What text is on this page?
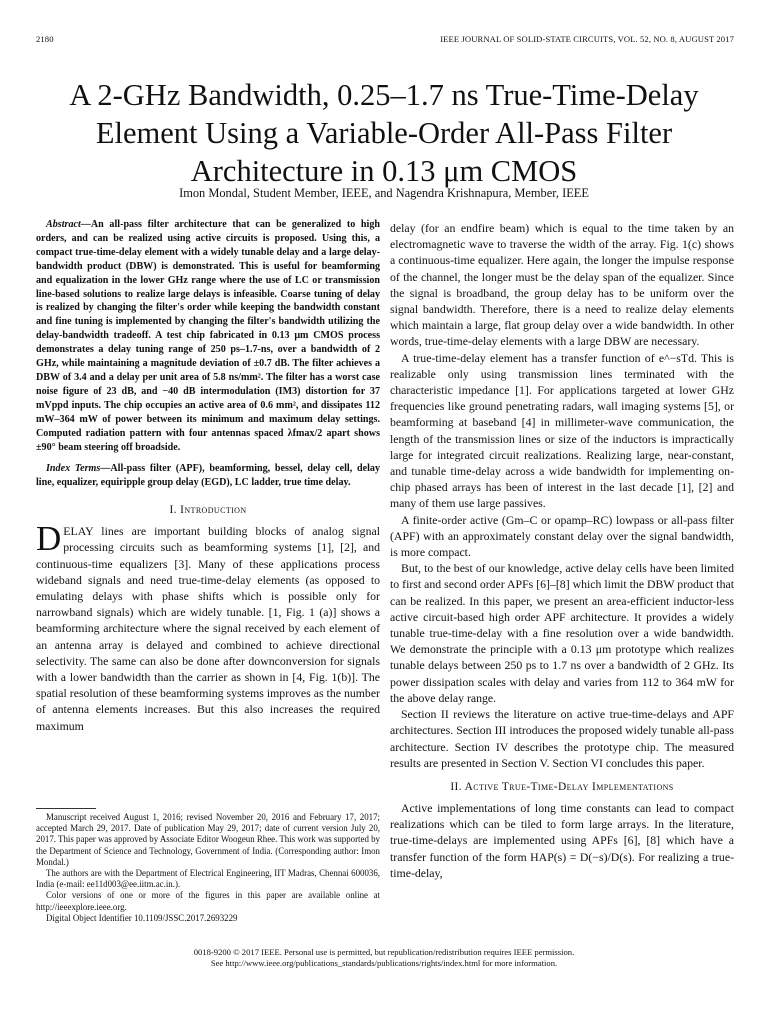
2180	IEEE JOURNAL OF SOLID-STATE CIRCUITS, VOL. 52, NO. 8, AUGUST 2017
A 2-GHz Bandwidth, 0.25–1.7 ns True-Time-Delay
Element Using a Variable-Order All-Pass Filter
Architecture in 0.13 μm CMOS
Imon Mondal, Student Member, IEEE, and Nagendra Krishnapura, Member, IEEE

Abstract—An all-pass filter architecture that can be generalized to high orders, and can be realized using active circuits is proposed. Using this, a compact true-time-delay element with a widely tunable delay and a large delay-bandwidth product (DBW) is demonstrated. This is useful for beamforming and equalization in the lower GHz range where the use of LC or transmission line-based solutions to realize large delays is infeasible. Coarse tuning of delay is realized by changing the filter's order while keeping the bandwidth constant and fine tuning is implemented by changing the filter's bandwidth utilizing the delay-bandwidth tradeoff. A test chip fabricated in 0.13 μm CMOS process demonstrates a delay tuning range of 250 ps–1.7-ns, over a bandwidth of 2 GHz, while maintaining a magnitude deviation of ±0.7 dB. The filter achieves a DBW of 3.4 and a delay per unit area of 5.8 ns/mm². The filter has a worst case noise figure of 23 dB, and −40 dB intermodulation (IM3) distortion for 37 mVppd inputs. The chip occupies an active area of 0.6 mm², and dissipates 112 mW–364 mW of power between its minimum and maximum delay settings. Computed radiation pattern with four antennas spaced λfmax/2 apart shows ±90° beam steering off broadside.

Index Terms—All-pass filter (APF), beamforming, bessel, delay cell, delay line, equalizer, equiripple group delay (EGD), LC ladder, true time delay.

I. Introduction

DELAY lines are important building blocks of analog signal processing circuits such as beamforming systems [1], [2], and continuous-time equalizers [3]. Many of these applications process wideband signals and need true-time-delay elements (as opposed to emulating delays with phase shifts which is possible only for narrowband signals) which are widely tunable. [1, Fig. 1 (a)] shows a beamforming architecture where the signal received by each element of an antenna array is delayed and combined to achieve directional selectivity. The same can also be done after downconversion for signals with a lower bandwidth than the carrier as shown in [4, Fig. 1(b)]. The spatial resolution of these beamforming systems improves as the number of antenna elements increases. But this also increases the required maximum

Manuscript received August 1, 2016; revised November 20, 2016 and February 17, 2017; accepted March 29, 2017. Date of publication May 29, 2017; date of current version July 20, 2017. This paper was approved by Associate Editor Woogeun Rhee. This work was supported by the Department of Science and Technology, Government of India. (Corresponding author: Imon Mondal.)

The authors are with the Department of Electrical Engineering, IIT Madras, Chennai 600036, India (e-mail: ee11d003@ee.iitm.ac.in.).

Color versions of one or more of the figures in this paper are available online at http://ieeexplore.ieee.org.

Digital Object Identifier 10.1109/JSSC.2017.2693229

delay (for an endfire beam) which is equal to the time taken by an electromagnetic wave to traverse the width of the array. Fig. 1(c) shows a continuous-time equalizer. Here again, the longer the impulse response of the channel, the longer must be the delay span of the equalizer. Since the signal is broadband, the group delay has to be uniform over the signal bandwidth. Therefore, there is a need to realize delay elements which maintain a large, flat group delay over a wide bandwidth. In other words, true-time-delay elements with a large DBW are necessary.

A true-time-delay element has a transfer function of e^−sTd. This is realizable only using transmission lines terminated with the characteristic impedance [1]. For applications targeted at lower GHz frequencies like ground penetrating radars, wall imaging systems [5], or beamforming at baseband [4] in millimeter-wave communication, the length of the transmission lines or size of the inductors is impractically large for integrated circuit realizations. Realizing large, near-constant, and tunable time-delay across a wide bandwidth for implementing on-chip phased arrays has been of interest in the last decade [1], [2] and many of them use large passives.

A finite-order active (Gm–C or opamp–RC) lowpass or all-pass filter (APF) with an approximately constant delay over the signal bandwidth, is more compact.

But, to the best of our knowledge, active delay cells have been limited to first and second order APFs [6]–[8] which limit the DBW product that can be realized. In this paper, we present an area-efficient inductor-less active circuit-based high order APF architecture. It provides a widely tunable true-time-delay with a fine resolution over a wide bandwidth. We demonstrate the principle with a 0.13 μm prototype which realizes tunable delays between 250 ps to 1.7 ns over a bandwidth of 2 GHz. Its power dissipation scales with delay and varies from 112 to 364 mW for the above delay range.

Section II reviews the literature on active true-time-delays and APF architectures. Section III introduces the proposed widely tunable all-pass architecture. Section IV describes the prototype chip. The measured results are presented in Section V. Section VI concludes this paper.

II. Active True-Time-Delay Implementations

Active implementations of long time constants can lead to compact realizations which can be tiled to form large arrays. In the literature, true-time-delays are implemented using APFs [6], [8] which have a transfer function of the form HAP(s) = D(−s)/D(s). For realizing a true-time-delay,

0018-9200 © 2017 IEEE. Personal use is permitted, but republication/redistribution requires IEEE permission.
See http://www.ieee.org/publications_standards/publications/rights/index.html for more information.
